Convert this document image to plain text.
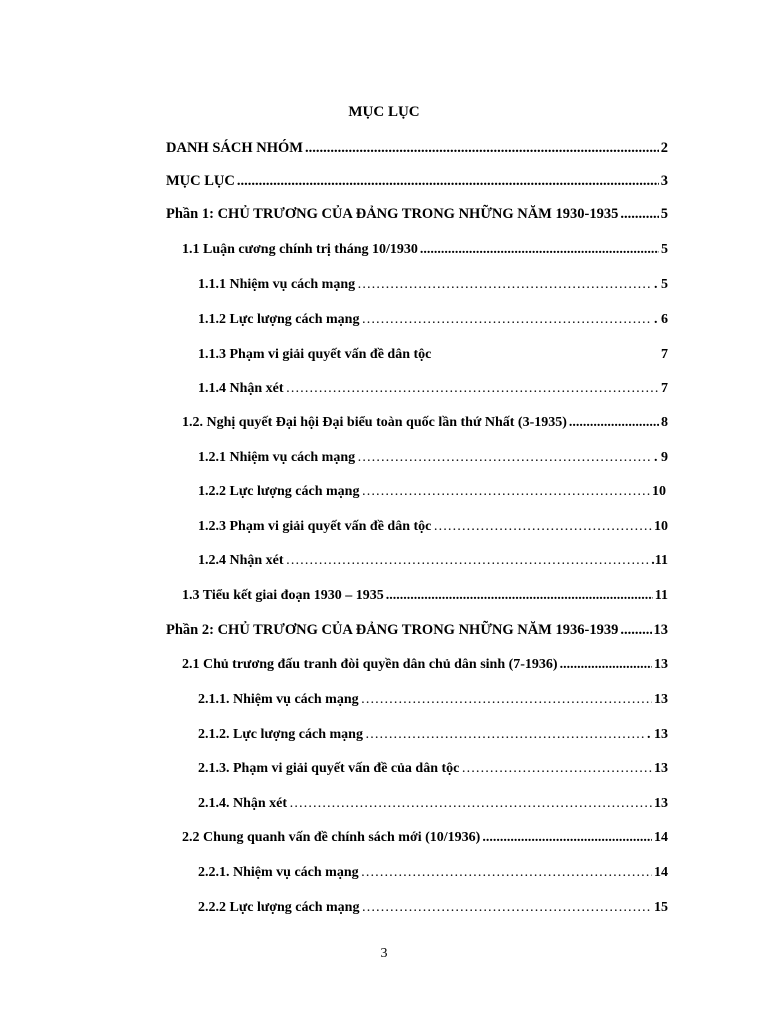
MỤC LỤC
DANH SÁCH NHÓM .....	2
MỤC LỤC .....	3
Phần 1: CHỦ TRƯƠNG CỦA ĐẢNG TRONG NHỮNG NĂM 1930-1935 .....	5
1.1 Luận cương chính trị tháng 10/1930 .....	5
1.1.1 Nhiệm vụ cách mạng …………………………………………………………………………………………………………………………………………………………………………	. 5
1.1.2 Lực lượng cách mạng …………………………………………………………………………………………………………………………………………………………………………	. 6
1.1.3 Phạm vi giải quyết vấn đề dân tộc	7
1.1.4 Nhận xét …………………………………………………………………………………………………………………………………………………………………………	7
1.2. Nghị quyết Đại hội Đại biểu toàn quốc lần thứ Nhất (3-1935) .....	8
1.2.1 Nhiệm vụ cách mạng …………………………………………………………………………………………………………………………………………………………………………	. 9
1.2.2 Lực lượng cách mạng …………………………………………………………………………………………………………………………………………………………………………	10
1.2.3 Phạm vi giải quyết vấn đề dân tộc …………………………………………………………………………………………………………………………………………………………………………	10
1.2.4 Nhận xét …………………………………………………………………………………………………………………………………………………………………………	.11
1.3 Tiểu kết giai đoạn 1930 – 1935 .....	11
Phần 2: CHỦ TRƯƠNG CỦA ĐẢNG TRONG NHỮNG NĂM 1936-1939 ..... 13
2.1 Chủ trương đấu tranh đòi quyền dân chủ dân sinh (7-1936) .....	13
2.1.1. Nhiệm vụ cách mạng …………………………………………………………………………………………………………………………………………………………………………	13
2.1.2. Lực lượng cách mạng …………………………………………………………………………………………………………………………………………………………………………	. 13
2.1.3. Phạm vi giải quyết vấn đề của dân tộc …………………………………………………………………………………………………………………………………………………………………………	13
2.1.4. Nhận xét …………………………………………………………………………………………………………………………………………………………………………	13
2.2 Chung quanh vấn đề chính sách mới (10/1936) .....	14
2.2.1. Nhiệm vụ cách mạng …………………………………………………………………………………………………………………………………………………………………………	14
2.2.2 Lực lượng cách mạng …………………………………………………………………………………………………………………………………………………………………………	15
3
